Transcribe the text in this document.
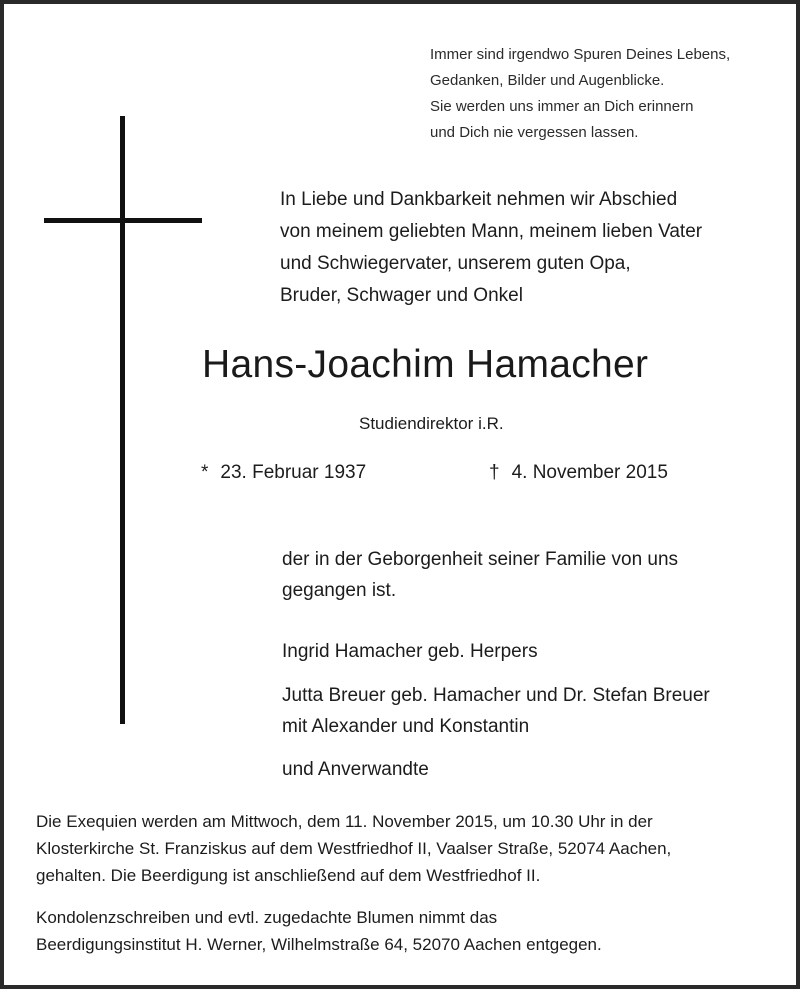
Immer sind irgendwo Spuren Deines Lebens,
Gedanken, Bilder und Augenblicke.
Sie werden uns immer an Dich erinnern
und Dich nie vergessen lassen.
In Liebe und Dankbarkeit nehmen wir Abschied
von meinem geliebten Mann, meinem lieben Vater
und Schwiegervater, unserem guten Opa,
Bruder, Schwager und Onkel
Hans-Joachim Hamacher
Studiendirektor i.R.
* 23. Februar 1937	† 4. November 2015
der in der Geborgenheit seiner Familie von uns
gegangen ist.
Ingrid Hamacher geb. Herpers
Jutta Breuer geb. Hamacher und Dr. Stefan Breuer
mit Alexander und Konstantin
und Anverwandte
Die Exequien werden am Mittwoch, dem 11. November 2015, um 10.30 Uhr in der
Klosterkirche St. Franziskus auf dem Westfriedhof II, Vaalser Straße, 52074 Aachen,
gehalten. Die Beerdigung ist anschließend auf dem Westfriedhof II.
Kondolenzschreiben und evtl. zugedachte Blumen nimmt das
Beerdigungsinstitut H. Werner, Wilhelmstraße 64, 52070 Aachen entgegen.
